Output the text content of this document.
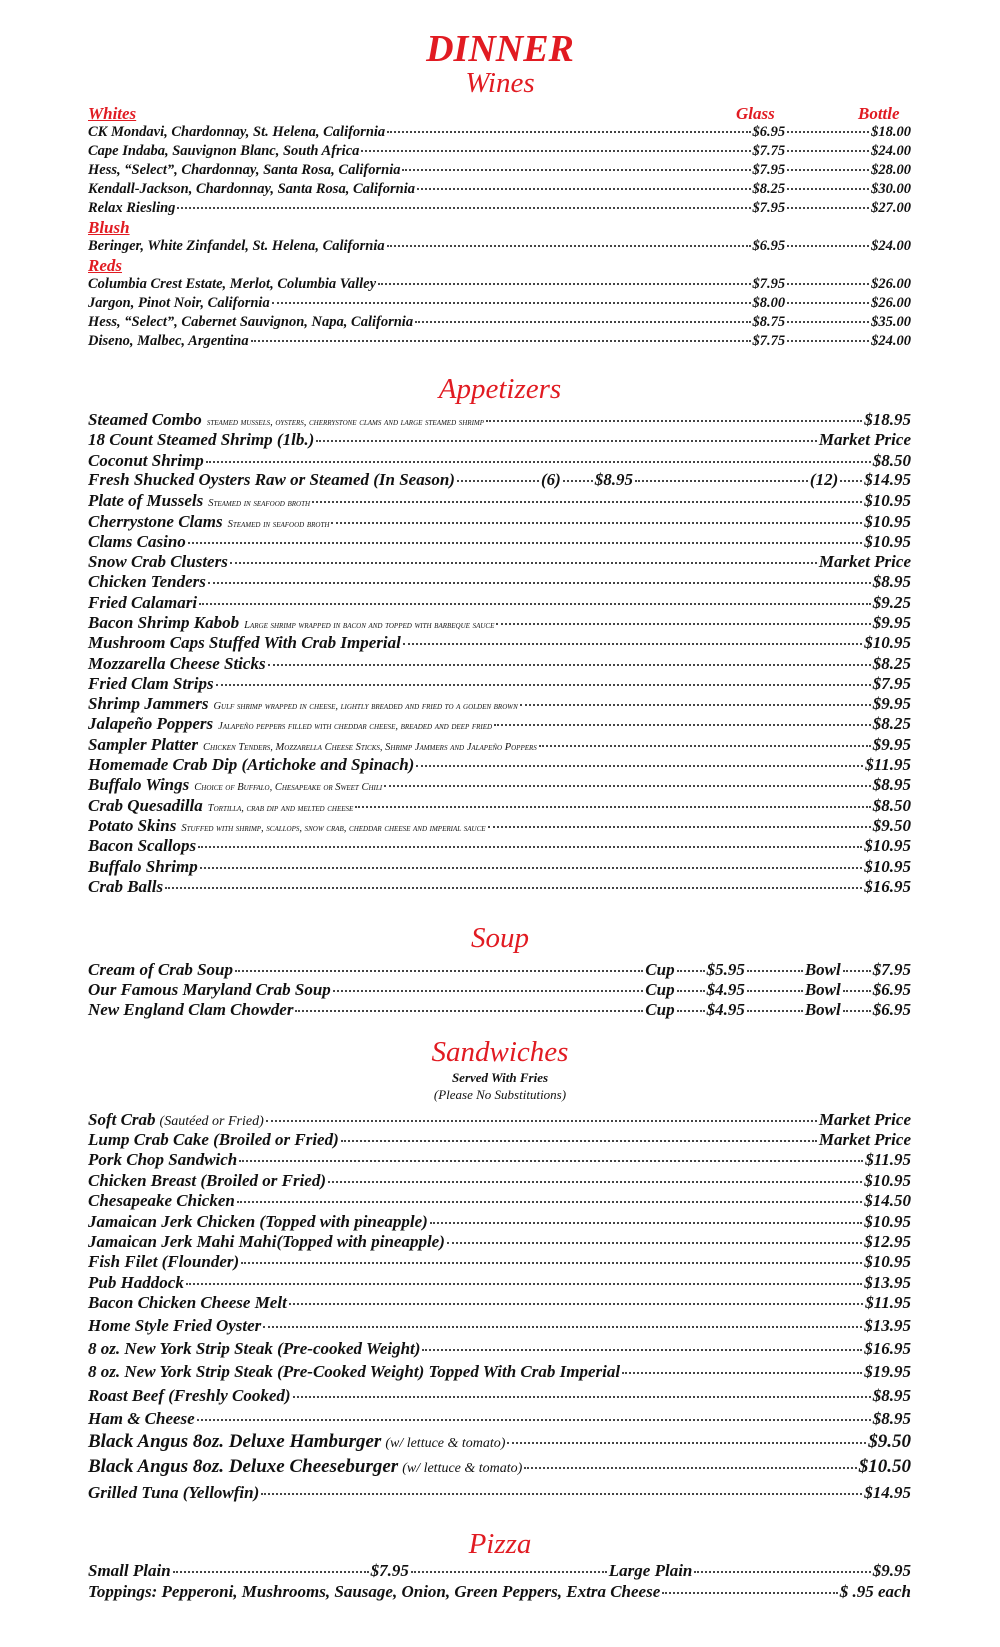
DINNER
Wines
Glass	Bottle
Appetizers
Fresh Shucked Oysters Raw or Steamed (In Season)	(6) $8.95	(12) $14.95
Soup
Sandwiches
Served With Fries
(Please No Substitutions)
Pizza
Small Plain	$7.95	Large Plain	$9.95
Toppings: Pepperoni, Mushrooms, Sausage, Onion, Green Peppers, Extra Cheese	$ .95 each
Whites
CK Mondavi, Chardonnay, St. Helena, California	$6.95	$18.00
Cape Indaba, Sauvignon Blanc, South Africa	$7.75	$24.00
Hess, “Select”, Chardonnay, Santa Rosa, California	$7.95	$28.00
Kendall-Jackson, Chardonnay, Santa Rosa, California	$8.25	$30.00
Relax Riesling	$7.95	$27.00
Blush
Beringer, White Zinfandel, St. Helena, California	$6.95	$24.00
Reds
Columbia Crest Estate, Merlot, Columbia Valley	$7.95	$26.00
Jargon, Pinot Noir, California	$8.00	$26.00
Hess, “Select”, Cabernet Sauvignon, Napa, California	$8.75	$35.00
Diseno, Malbec, Argentina	$7.75	$24.00
Steamed Combo steamed mussels, oysters, cherrystone clams and large steamed shrimp	$18.95
18 Count Steamed Shrimp (1lb.)	Market Price
Coconut Shrimp	$8.50
Plate of Mussels Steamed in seafood broth	$10.95
Cherrystone Clams Steamed in seafood broth	$10.95
Clams Casino	$10.95
Snow Crab Clusters	Market Price
Chicken Tenders	$8.95
Fried Calamari	$9.25
Bacon Shrimp Kabob Large shrimp wrapped in bacon and topped with barbeque sauce	$9.95
Mushroom Caps Stuffed With Crab Imperial	$10.95
Mozzarella Cheese Sticks	$8.25
Fried Clam Strips	$7.95
Shrimp Jammers Gulf shrimp wrapped in cheese, lightly breaded and fried to a golden brown	$9.95
Jalapeño Poppers Jalapeño peppers filled with cheddar cheese, breaded and deep fried	$8.25
Sampler Platter Chicken Tenders, Mozzarella Cheese Sticks, Shrimp Jammers and Jalapeño Poppers	$9.95
Homemade Crab Dip (Artichoke and Spinach)	$11.95
Buffalo Wings Choice of Buffalo, Chesapeake or Sweet Chili	$8.95
Crab Quesadilla Tortilla, crab dip and melted cheese	$8.50
Potato Skins Stuffed with shrimp, scallops, snow crab, cheddar cheese and imperial sauce	$9.50
Bacon Scallops	$10.95
Buffalo Shrimp	$10.95
Crab Balls	$16.95
Cream of Crab Soup	Cup $5.95	Bowl $7.95
Our Famous Maryland Crab Soup	Cup $4.95	Bowl $6.95
New England Clam Chowder	Cup $4.95	Bowl $6.95
Soft Crab (Sautéed or Fried)	Market Price
Lump Crab Cake (Broiled or Fried)	Market Price
Pork Chop Sandwich	$11.95
Chicken Breast (Broiled or Fried)	$10.95
Chesapeake Chicken	$14.50
Jamaican Jerk Chicken (Topped with pineapple)	$10.95
Jamaican Jerk Mahi Mahi(Topped with pineapple)	$12.95
Fish Filet (Flounder)	$10.95
Pub Haddock	$13.95
Bacon Chicken Cheese Melt	$11.95
Home Style Fried Oyster	$13.95
8 oz. New York Strip Steak (Pre-cooked Weight)	$16.95
8 oz. New York Strip Steak (Pre-Cooked Weight) Topped With Crab Imperial	$19.95
Roast Beef (Freshly Cooked)	$8.95
Ham & Cheese	$8.95
Black Angus 8oz. Deluxe Hamburger (w/ lettuce & tomato)	$9.50
Black Angus 8oz. Deluxe Cheeseburger (w/ lettuce & tomato)	$10.50
Grilled Tuna (Yellowfin)	$14.95
